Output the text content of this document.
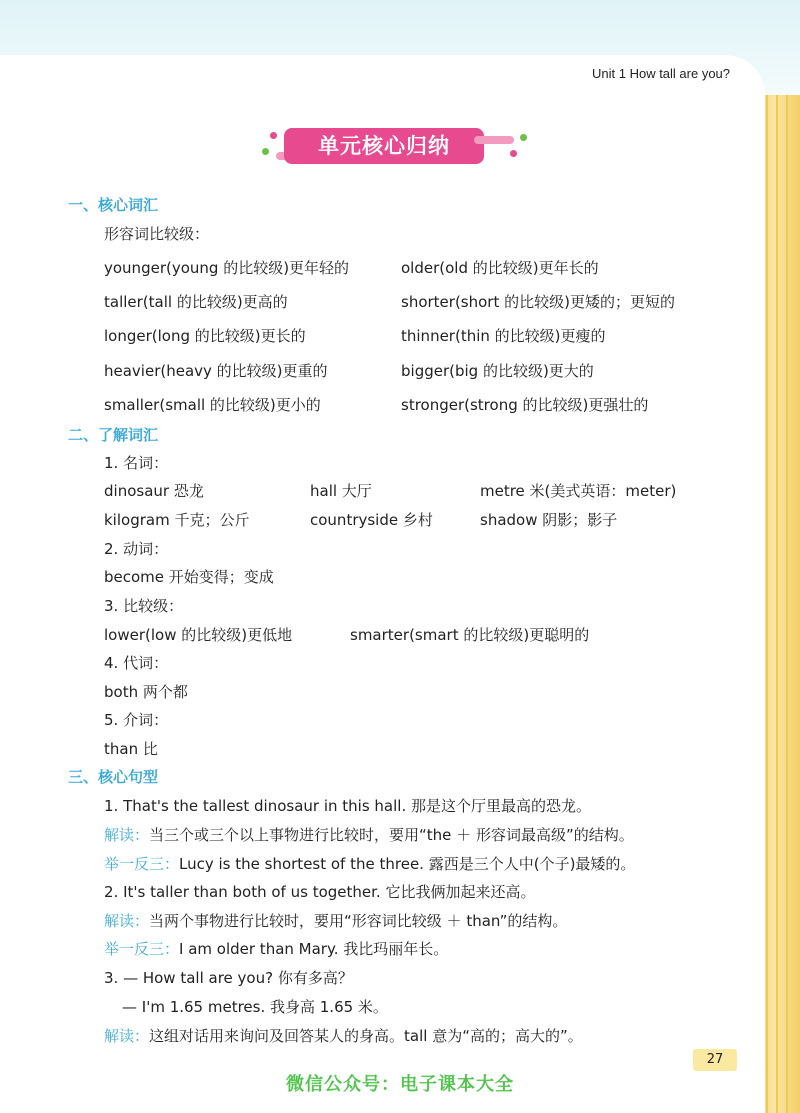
Unit 1 How tall are you?
单元核心归纳
一、核心词汇
形容词比较级：
younger(young 的比较级)更年轻的	older(old 的比较级)更年长的
taller(tall 的比较级)更高的	shorter(short 的比较级)更矮的；更短的
longer(long 的比较级)更长的	thinner(thin 的比较级)更瘦的
heavier(heavy 的比较级)更重的	bigger(big 的比较级)更大的
smaller(small 的比较级)更小的	stronger(strong 的比较级)更强壮的
二、了解词汇
1. 名词：
dinosaur 恐龙	hall 大厅	metre 米(美式英语：meter)
kilogram 千克；公斤	countryside 乡村	shadow 阴影；影子
2. 动词：
become 开始变得；变成
3. 比较级：
lower(low 的比较级)更低地	smarter(smart 的比较级)更聪明的
4. 代词：
both 两个都
5. 介词：
than 比
三、核心句型
1. That's the tallest dinosaur in this hall. 那是这个厅里最高的恐龙。
解读：当三个或三个以上事物进行比较时，要用“the ＋ 形容词最高级”的结构。
举一反三：Lucy is the shortest of the three. 露西是三个人中(个子)最矮的。
2. It's taller than both of us together. 它比我俩加起来还高。
解读：当两个事物进行比较时，要用“形容词比较级 ＋ than”的结构。
举一反三：I am older than Mary. 我比玛丽年长。
3. — How tall are you? 你有多高？
— I'm 1.65 metres. 我身高 1.65 米。
解读：这组对话用来询问及回答某人的身高。tall 意为“高的；高大的”。
27
微信公众号：电子课本大全
